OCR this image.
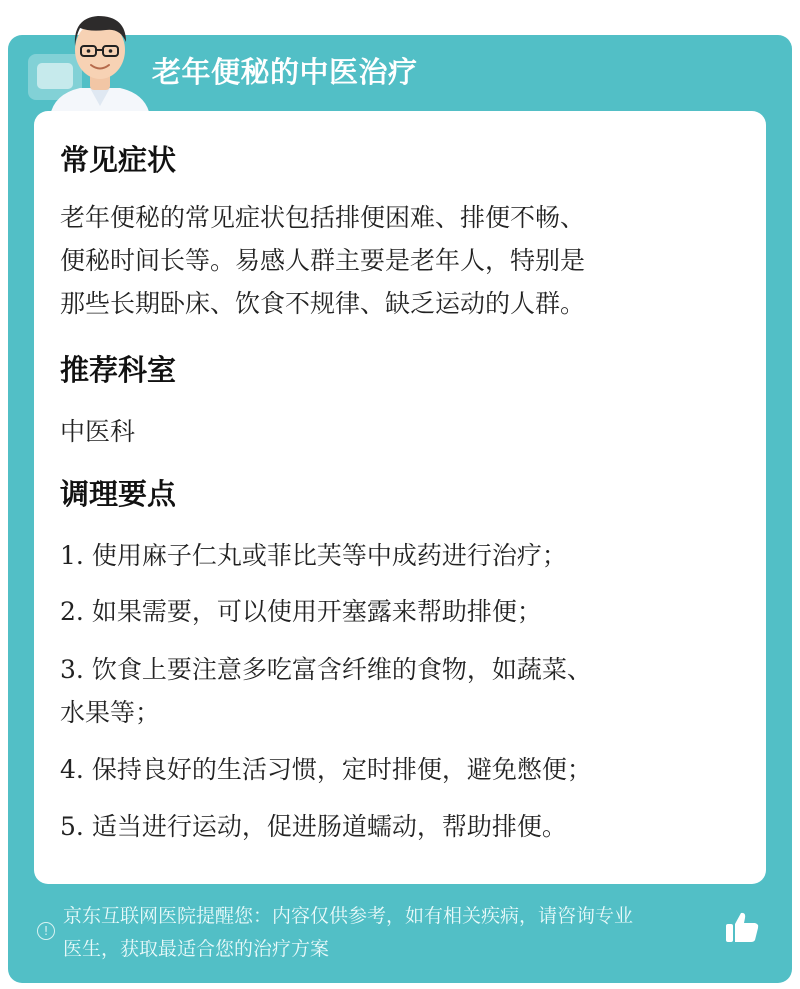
老年便秘的中医治疗
常见症状
老年便秘的常见症状包括排便困难、排便不畅、
便秘时间长等。易感人群主要是老年人，特别是
那些长期卧床、饮食不规律、缺乏运动的人群。
推荐科室
中医科
调理要点
1. 使用麻子仁丸或菲比芙等中成药进行治疗；
2. 如果需要，可以使用开塞露来帮助排便；
3. 饮食上要注意多吃富含纤维的食物，如蔬菜、
水果等；
4. 保持良好的生活习惯，定时排便，避免憋便；
5. 适当进行运动，促进肠道蠕动，帮助排便。
!
京东互联网医院提醒您：内容仅供参考，如有相关疾病，请咨询专业
医生，获取最适合您的治疗方案
